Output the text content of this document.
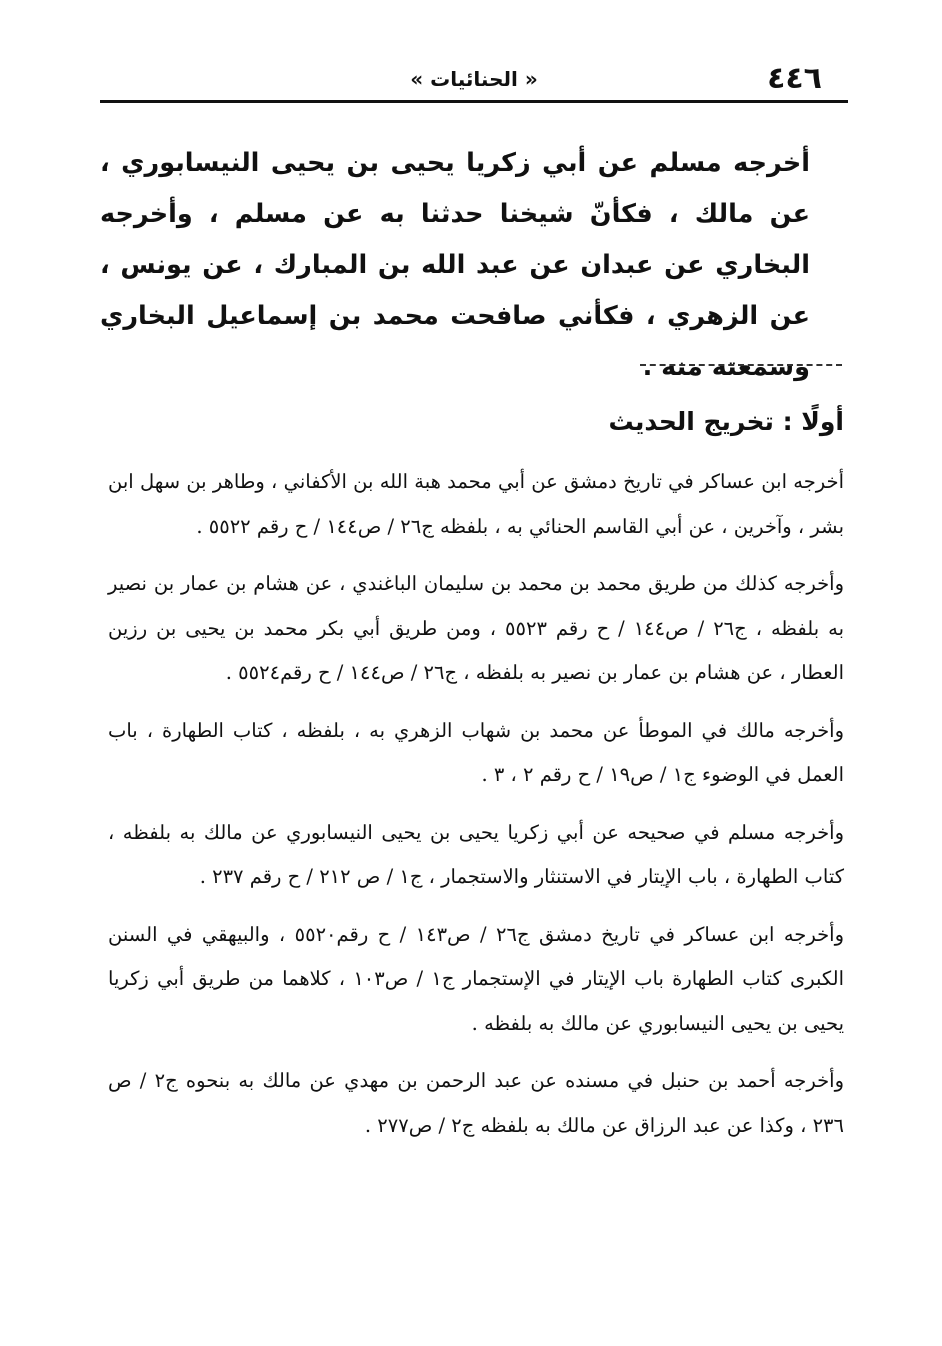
٤٤٦
« الحنائيات »
أخرجه مسلم عن أبي زكريا يحيى بن يحيى النيسابوري ، عن مالك ، فكأنّ شيخنا حدثنا به عن مسلم ، وأخرجه البخاري عن عبدان عن عبد الله بن المبارك ، عن يونس ، عن الزهري ، فكأني صافحت محمد بن إسماعيل البخاري وسمعته منه .
أولًا : تخريج الحديث

أخرجه ابن عساكر في تاريخ دمشق عن أبي محمد هبة الله بن الأكفاني ، وطاهر بن سهل ابن بشر ، وآخرين ، عن أبي القاسم الحنائي به ، بلفظه ج٢٦ / ص١٤٤ / ح رقم ٥٥٢٢ .

وأخرجه كذلك من طريق محمد بن محمد بن سليمان الباغندي ، عن هشام بن عمار بن نصير به بلفظه ، ج٢٦ / ص١٤٤ / ح رقم ٥٥٢٣ ، ومن طريق أبي بكر محمد بن يحيى بن رزين العطار ، عن هشام بن عمار بن نصير به بلفظه ، ج٢٦ / ص١٤٤ / ح رقم٥٥٢٤ .

وأخرجه مالك في الموطأ عن محمد بن شهاب الزهري به ، بلفظه ، كتاب الطهارة ، باب العمل في الوضوء ج١ / ص١٩ / ح رقم ٢ ، ٣ .

وأخرجه مسلم في صحيحه عن أبي زكريا يحيى بن يحيى النيسابوري عن مالك به بلفظه ، كتاب الطهارة ، باب الإيتار في الاستنثار والاستجمار ، ج١ / ص ٢١٢ / ح رقم ٢٣٧ .

وأخرجه ابن عساكر في تاريخ دمشق ج٢٦ / ص١٤٣ / ح رقم٥٥٢٠ ، والبيهقي في السنن الكبرى كتاب الطهارة باب الإيتار في الإستجمار ج١ / ص١٠٣ ، كلاهما من طريق أبي زكريا يحيى بن يحيى النيسابوري عن مالك به بلفظه .

وأخرجه أحمد بن حنبل في مسنده عن عبد الرحمن بن مهدي عن مالك به بنحوه ج٢ / ص ٢٣٦ ، وكذا عن عبد الرزاق عن مالك به بلفظه ج٢ / ص٢٧٧ .
